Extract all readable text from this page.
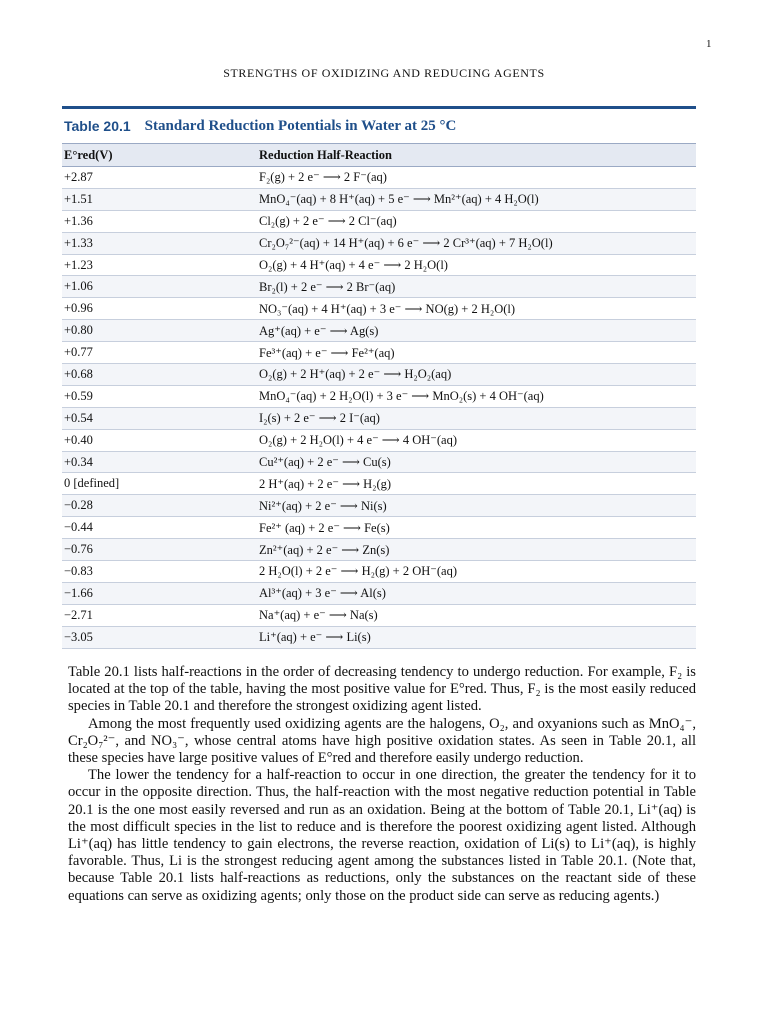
1
STRENGTHS OF OXIDIZING AND REDUCING AGENTS
Table 20.1 Standard Reduction Potentials in Water at 25 °C
E°red(V)	Reduction Half-Reaction
+2.87	F₂(g) + 2 e⁻ ⟶ 2 F⁻(aq)
+1.51	MnO₄⁻(aq) + 8 H⁺(aq) + 5 e⁻ ⟶ Mn²⁺(aq) + 4 H₂O(l)
+1.36	Cl₂(g) + 2 e⁻ ⟶ 2 Cl⁻(aq)
+1.33	Cr₂O₇²⁻(aq) + 14 H⁺(aq) + 6 e⁻ ⟶ 2 Cr³⁺(aq) + 7 H₂O(l)
+1.23	O₂(g) + 4 H⁺(aq) + 4 e⁻ ⟶ 2 H₂O(l)
+1.06	Br₂(l) + 2 e⁻ ⟶ 2 Br⁻(aq)
+0.96	NO₃⁻(aq) + 4 H⁺(aq) + 3 e⁻ ⟶ NO(g) + 2 H₂O(l)
+0.80	Ag⁺(aq) + e⁻ ⟶ Ag(s)
+0.77	Fe³⁺(aq) + e⁻ ⟶ Fe²⁺(aq)
+0.68	O₂(g) + 2 H⁺(aq) + 2 e⁻ ⟶ H₂O₂(aq)
+0.59	MnO₄⁻(aq) + 2 H₂O(l) + 3 e⁻ ⟶ MnO₂(s) + 4 OH⁻(aq)
+0.54	I₂(s) + 2 e⁻ ⟶ 2 I⁻(aq)
+0.40	O₂(g) + 2 H₂O(l) + 4 e⁻ ⟶ 4 OH⁻(aq)
+0.34	Cu²⁺(aq) + 2 e⁻ ⟶ Cu(s)
0 [defined]	2 H⁺(aq) + 2 e⁻ ⟶ H₂(g)
−0.28	Ni²⁺(aq) + 2 e⁻ ⟶ Ni(s)
−0.44	Fe²⁺ (aq) + 2 e⁻ ⟶ Fe(s)
−0.76	Zn²⁺(aq) + 2 e⁻ ⟶ Zn(s)
−0.83	2 H₂O(l) + 2 e⁻ ⟶ H₂(g) + 2 OH⁻(aq)
−1.66	Al³⁺(aq) + 3 e⁻ ⟶ Al(s)
−2.71	Na⁺(aq) + e⁻ ⟶ Na(s)
−3.05	Li⁺(aq) + e⁻ ⟶ Li(s)

Table 20.1 lists half-reactions in the order of decreasing tendency to undergo reduction. For example, F₂ is located at the top of the table, having the most positive value for E°red. Thus, F₂ is the most easily reduced species in Table 20.1 and therefore the strongest oxidizing agent listed.

Among the most frequently used oxidizing agents are the halogens, O₂, and oxyanions such as MnO₄⁻, Cr₂O₇²⁻, and NO₃⁻, whose central atoms have high positive oxidation states. As seen in Table 20.1, all these species have large positive values of E°red and therefore easily undergo reduction.

The lower the tendency for a half-reaction to occur in one direction, the greater the tendency for it to occur in the opposite direction. Thus, the half-reaction with the most negative reduction potential in Table 20.1 is the one most easily reversed and run as an oxidation. Being at the bottom of Table 20.1, Li⁺(aq) is the most difficult species in the list to reduce and is therefore the poorest oxidizing agent listed. Although Li⁺(aq) has little tendency to gain electrons, the reverse reaction, oxidation of Li(s) to Li⁺(aq), is highly favorable. Thus, Li is the strongest reducing agent among the substances listed in Table 20.1. (Note that, because Table 20.1 lists half-reactions as reductions, only the substances on the reactant side of these equations can serve as oxidizing agents; only those on the product side can serve as reducing agents.)
